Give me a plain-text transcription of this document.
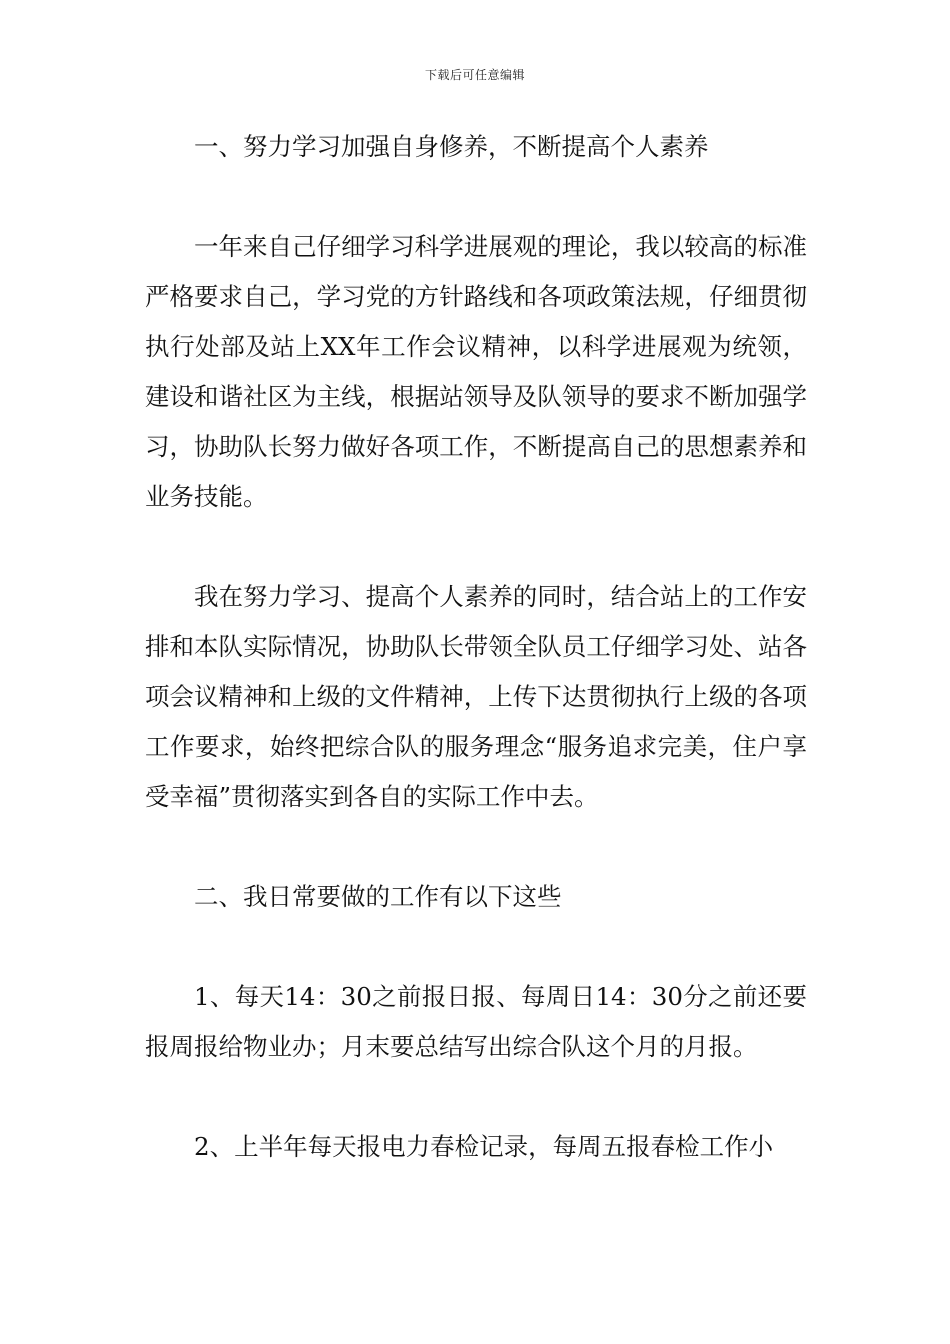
下载后可任意编辑

一、努力学习加强自身修养，不断提高个人素养

一年来自己仔细学习科学进展观的理论，我以较高的标准严格要求自己，学习党的方针路线和各项政策法规，仔细贯彻执行处部及站上XX年工作会议精神，以科学进展观为统领，建设和谐社区为主线，根据站领导及队领导的要求不断加强学习，协助队长努力做好各项工作，不断提高自己的思想素养和业务技能。

我在努力学习、提高个人素养的同时，结合站上的工作安排和本队实际情况，协助队长带领全队员工仔细学习处、站各项会议精神和上级的文件精神，上传下达贯彻执行上级的各项工作要求，始终把综合队的服务理念“服务追求完美，住户享受幸福”贯彻落实到各自的实际工作中去。

二、我日常要做的工作有以下这些

1、每天14：30之前报日报、每周日14：30分之前还要报周报给物业办；月末要总结写出综合队这个月的月报。

2、上半年每天报电力春检记录，每周五报春检工作小
